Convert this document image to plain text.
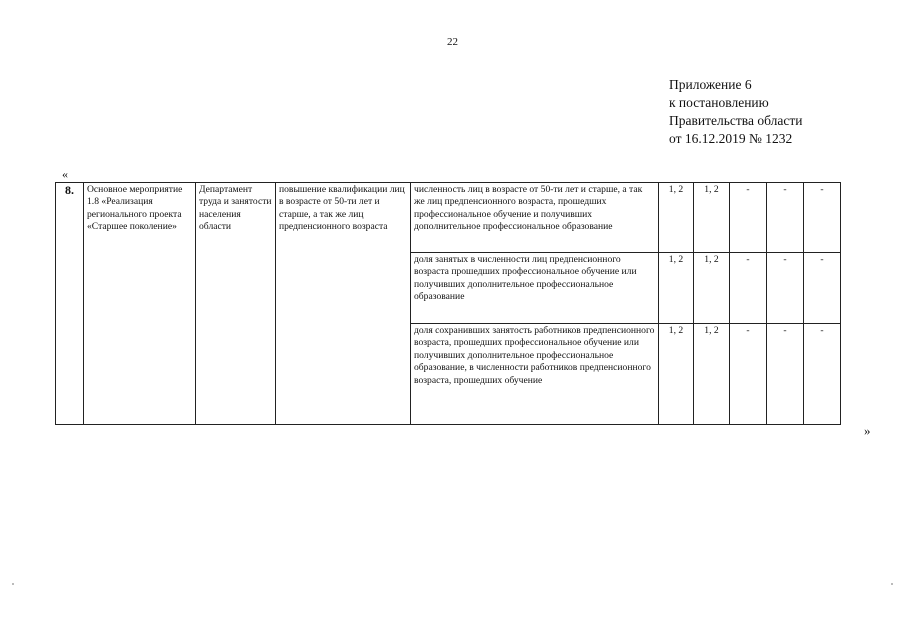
22
Приложение 6
к постановлению
Правительства области
от 16.12.2019 № 1232
«
8.	Основное мероприятие 1.8 «Реализация регионального проекта «Старшее поколение»	Департамент труда и занятости населения области	повышение квалификации лиц в возрасте от 50-ти лет и старше, а так же лиц предпенсионного возраста	численность лиц в возрасте от 50-ти лет и старше, а так же лиц предпенсионного возраста, прошедших профессиональное обучение и получивших дополнительное профессиональное образование	1, 2	1, 2	-	-	-
				доля занятых в численности лиц предпенсионного возраста прошедших профессиональное обучение или получивших дополнительное профессиональное образование	1, 2	1, 2	-	-	-
				доля сохранивших занятость работников предпенсионного возраста, прошедших профессиональное обучение или получивших дополнительное профессиональное образование, в численности работников предпенсионного возраста, прошедших обучение	1, 2	1, 2	-	-	-
»
